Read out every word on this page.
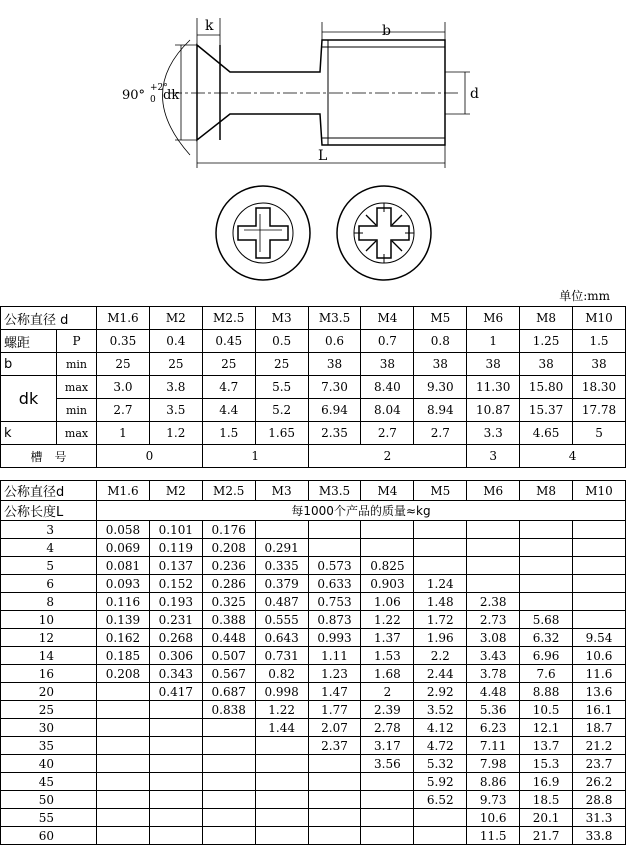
k	b
90° +2°
0 dk	d
L
单位:mm
公称直径 d		M1.6	M2	M2.5	M3	M3.5	M4	M5	M6	M8	M10
螺距	P	0.35	0.4	0.45	0.5	0.6	0.7	0.8	1	1.25	1.5
b	min	25	25	25	25	38	38	38	38	38	38
dk	max	3.0	3.8	4.7	5.5	7.30	8.40	9.30	11.30	15.80	18.30
	min	2.7	3.5	4.4	5.2	6.94	8.04	8.94	10.87	15.37	17.78
k	max	1	1.2	1.5	1.65	2.35	2.7	2.7	3.3	4.65	5
槽　号		0		1		2			3	4	
公称直径d	M1.6	M2	M2.5	M3	M3.5	M4	M5	M6	M8	M10
公称长度L	每1000个产品的质量≈kg									
3	0.058	0.101	0.176							
4	0.069	0.119	0.208	0.291						
5	0.081	0.137	0.236	0.335	0.573	0.825				
6	0.093	0.152	0.286	0.379	0.633	0.903	1.24			
8	0.116	0.193	0.325	0.487	0.753	1.06	1.48	2.38		
10	0.139	0.231	0.388	0.555	0.873	1.22	1.72	2.73	5.68	
12	0.162	0.268	0.448	0.643	0.993	1.37	1.96	3.08	6.32	9.54
14	0.185	0.306	0.507	0.731	1.11	1.53	2.2	3.43	6.96	10.6
16	0.208	0.343	0.567	0.82	1.23	1.68	2.44	3.78	7.6	11.6
20		0.417	0.687	0.998	1.47	2	2.92	4.48	8.88	13.6
25			0.838	1.22	1.77	2.39	3.52	5.36	10.5	16.1
30				1.44	2.07	2.78	4.12	6.23	12.1	18.7
35					2.37	3.17	4.72	7.11	13.7	21.2
40						3.56	5.32	7.98	15.3	23.7
45							5.92	8.86	16.9	26.2
50							6.52	9.73	18.5	28.8
55								10.6	20.1	31.3
60								11.5	21.7	33.8
